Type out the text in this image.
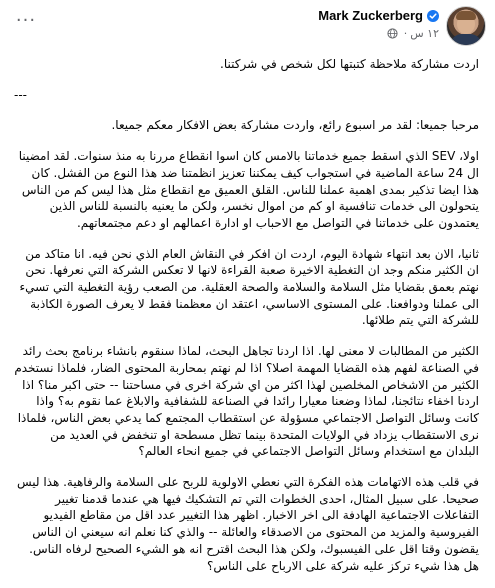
Mark Zuckerberg
١٢ س
·
···

اردت مشاركة ملاحظة كتبتها لكل شخص في شركتنا.

---

مرحبا جميعا: لقد مر اسبوع رائع، واردت مشاركة بعض الافكار معكم جميعا.

اولا، SEV الذي اسقط جميع خدماتنا بالامس كان اسوا انقطاع مررنا به منذ سنوات. لقد امضينا ال 24 ساعة الماضية في استجواب كيف يمكننا تعزيز انظمتنا ضد هذا النوع من الفشل. كان هذا ايضا تذكير بمدى اهمية عملنا للناس. القلق العميق مع انقطاع مثل هذا ليس كم من الناس يتحولون الى خدمات تنافسية او كم من اموال نخسر، ولكن ما يعنيه بالنسبة للناس الذين يعتمدون على خدماتنا في التواصل مع الاحباب او ادارة اعمالهم او دعم مجتمعاتهم.

ثانيا، الان بعد انتهاء شهادة اليوم، اردت ان افكر في النقاش العام الذي نحن فيه. انا متاكد من ان الكثير منكم وجد ان التغطية الاخيرة صعبة القراءة لانها لا تعكس الشركة التي نعرفها. نحن نهتم بعمق بقضايا مثل السلامة والسلامة والصحة العقلية. من الصعب رؤية التغطية التي تسيء الى عملنا ودوافعنا. على المستوى الاساسي، اعتقد ان معظمنا فقط لا يعرف الصورة الكاذبة للشركة التي يتم طلائها.

الكثير من المطالبات لا معنى لها. اذا اردنا تجاهل البحث، لماذا سنقوم بانشاء برنامج بحث رائد في الصناعة لفهم هذه القضايا المهمة اصلا؟ اذا لم نهتم بمحاربة المحتوى الضار، فلماذا نستخدم الكثير من الاشخاص المخلصين لهذا اكثر من اي شركة اخرى في مساحتنا -- حتى اكبر منا؟ اذا اردنا اخفاء نتائجنا، لماذا وضعنا معيارا رائدا في الصناعة للشفافية والابلاغ عما نقوم به؟ واذا كانت وسائل التواصل الاجتماعي مسؤولة عن استقطاب المجتمع كما يدعي بعض الناس، فلماذا نرى الاستقطاب يزداد في الولايات المتحدة بينما تظل مسطحة او تنخفض في العديد من البلدان مع استخدام وسائل التواصل الاجتماعي في جميع انحاء العالم؟

في قلب هذه الاتهامات هذه الفكرة التي نعطي الاولوية للربح على السلامة والرفاهية. هذا ليس صحيحا. على سبيل المثال، احدى الخطوات التي تم التشكيك فيها هي عندما قدمنا تغيير التفاعلات الاجتماعية الهادفة الى اخر الاخبار. اظهر هذا التغيير عدد اقل من مقاطع الفيديو الفيروسية والمزيد من المحتوى من الاصدقاء والعائلة -- والذي كنا نعلم انه سيعني ان الناس يقضون وقتا اقل على الفيسبوك، ولكن هذا البحث اقترح انه هو الشيء الصحيح لرفاه الناس. هل هذا شيء تركز عليه شركة على الارباح على الناس؟
